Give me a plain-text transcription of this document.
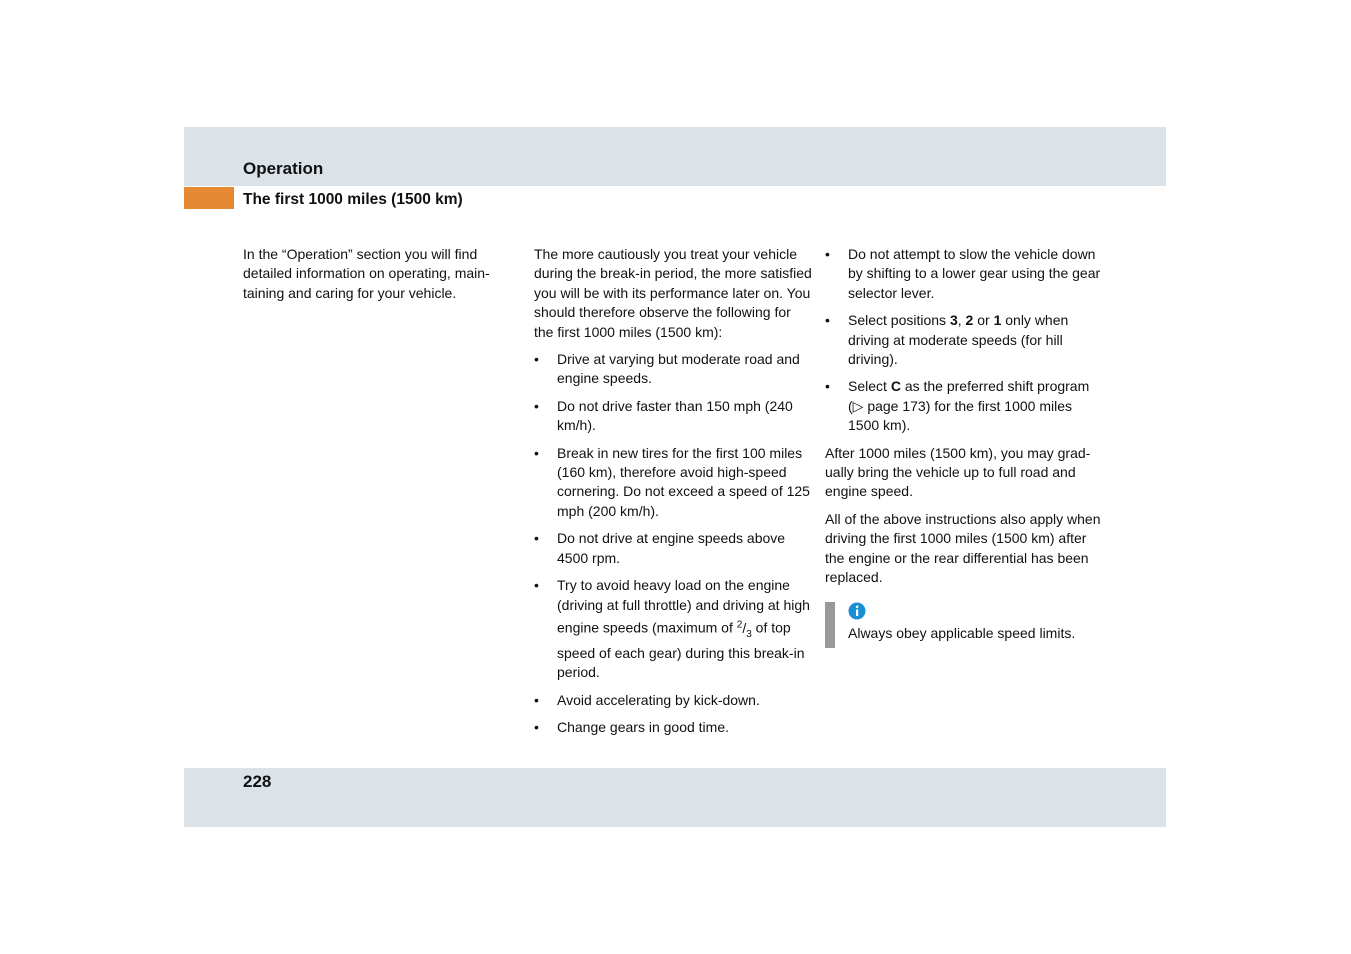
Operation
The first 1000 miles (1500 km)

In the “Operation” section you will find detailed information on operating, maintaining and caring for your vehicle.

The more cautiously you treat your vehicle during the break-in period, the more satisfied you will be with its performance later on. You should therefore observe the following for the first 1000 miles (1500 km):

• Drive at varying but moderate road and engine speeds.
• Do not drive faster than 150 mph (240 km/h).
• Break in new tires for the first 100 miles (160 km), therefore avoid high-speed cornering. Do not exceed a speed of 125 mph (200 km/h).
• Do not drive at engine speeds above 4500 rpm.
• Try to avoid heavy load on the engine (driving at full throttle) and driving at high engine speeds (maximum of $^2/_3$ of top speed of each gear) during this break-in period.
• Avoid accelerating by kick-down.
• Change gears in good time.
• Do not attempt to slow the vehicle down by shifting to a lower gear using the gear selector lever.
• Select positions 3, 2 or 1 only when driving at moderate speeds (for hill driving).
• Select C as the preferred shift program (▷ page 173) for the first 1000 miles 1500 km).

After 1000 miles (1500 km), you may gradually bring the vehicle up to full road and engine speed.

All of the above instructions also apply when driving the first 1000 miles (1500 km) after the engine or the rear differential has been replaced.

Always obey applicable speed limits.
228
